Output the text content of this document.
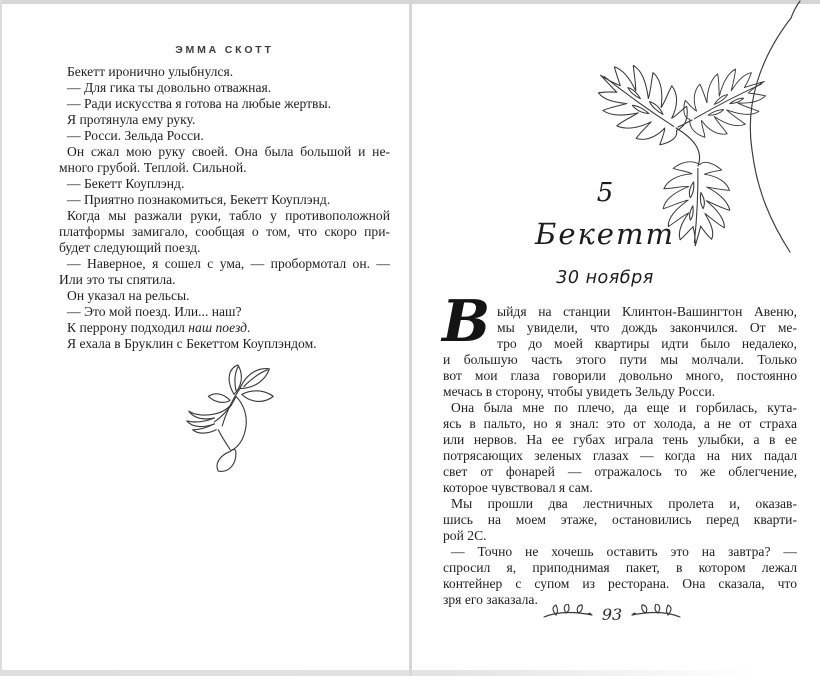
ЭММА СКОТТ
Бекетт иронично улыбнулся.
— Для гика ты довольно отважная.
— Ради искусства я готова на любые жертвы.
Я протянула ему руку.
— Росси. Зельда Росси.
Он сжал мою руку своей. Она была большой и не-
много грубой. Теплой. Сильной.
— Бекетт Коуплэнд.
— Приятно познакомиться, Бекетт Коуплэнд.
Когда мы разжали руки, табло у противоположной
платформы замигало, сообщая о том, что скоро при-
будет следующий поезд.
— Наверное, я сошел с ума, — пробормотал он. —
Или это ты спятила.
Он указал на рельсы.
— Это мой поезд. Или... наш?
К перрону подходил наш поезд.
Я ехала в Бруклин с Бекеттом Коуплэндом.
5
Бекетт
30 ноября
В ыйдя на станции Клинтон-Вашингтон Авеню,
мы увидели, что дождь закончился. От ме-
тро до моей квартиры идти было недалеко,
и большую часть этого пути мы молчали. Только
вот мои глаза говорили довольно много, постоянно
мечась в сторону, чтобы увидеть Зельду Росси.
Она была мне по плечо, да еще и горбилась, кута-
ясь в пальто, но я знал: это от холода, а не от страха
или нервов. На ее губах играла тень улыбки, а в ее
потрясающих зеленых глазах — когда на них падал
свет от фонарей — отражалось то же облегчение,
которое чувствовал я сам.
Мы прошли два лестничных пролета и, оказав-
шись на моем этаже, остановились перед кварти-
рой 2С.
— Точно не хочешь оставить это на завтра? —
спросил я, приподнимая пакет, в котором лежал
контейнер с супом из ресторана. Она сказала, что
зря его заказала.
93
